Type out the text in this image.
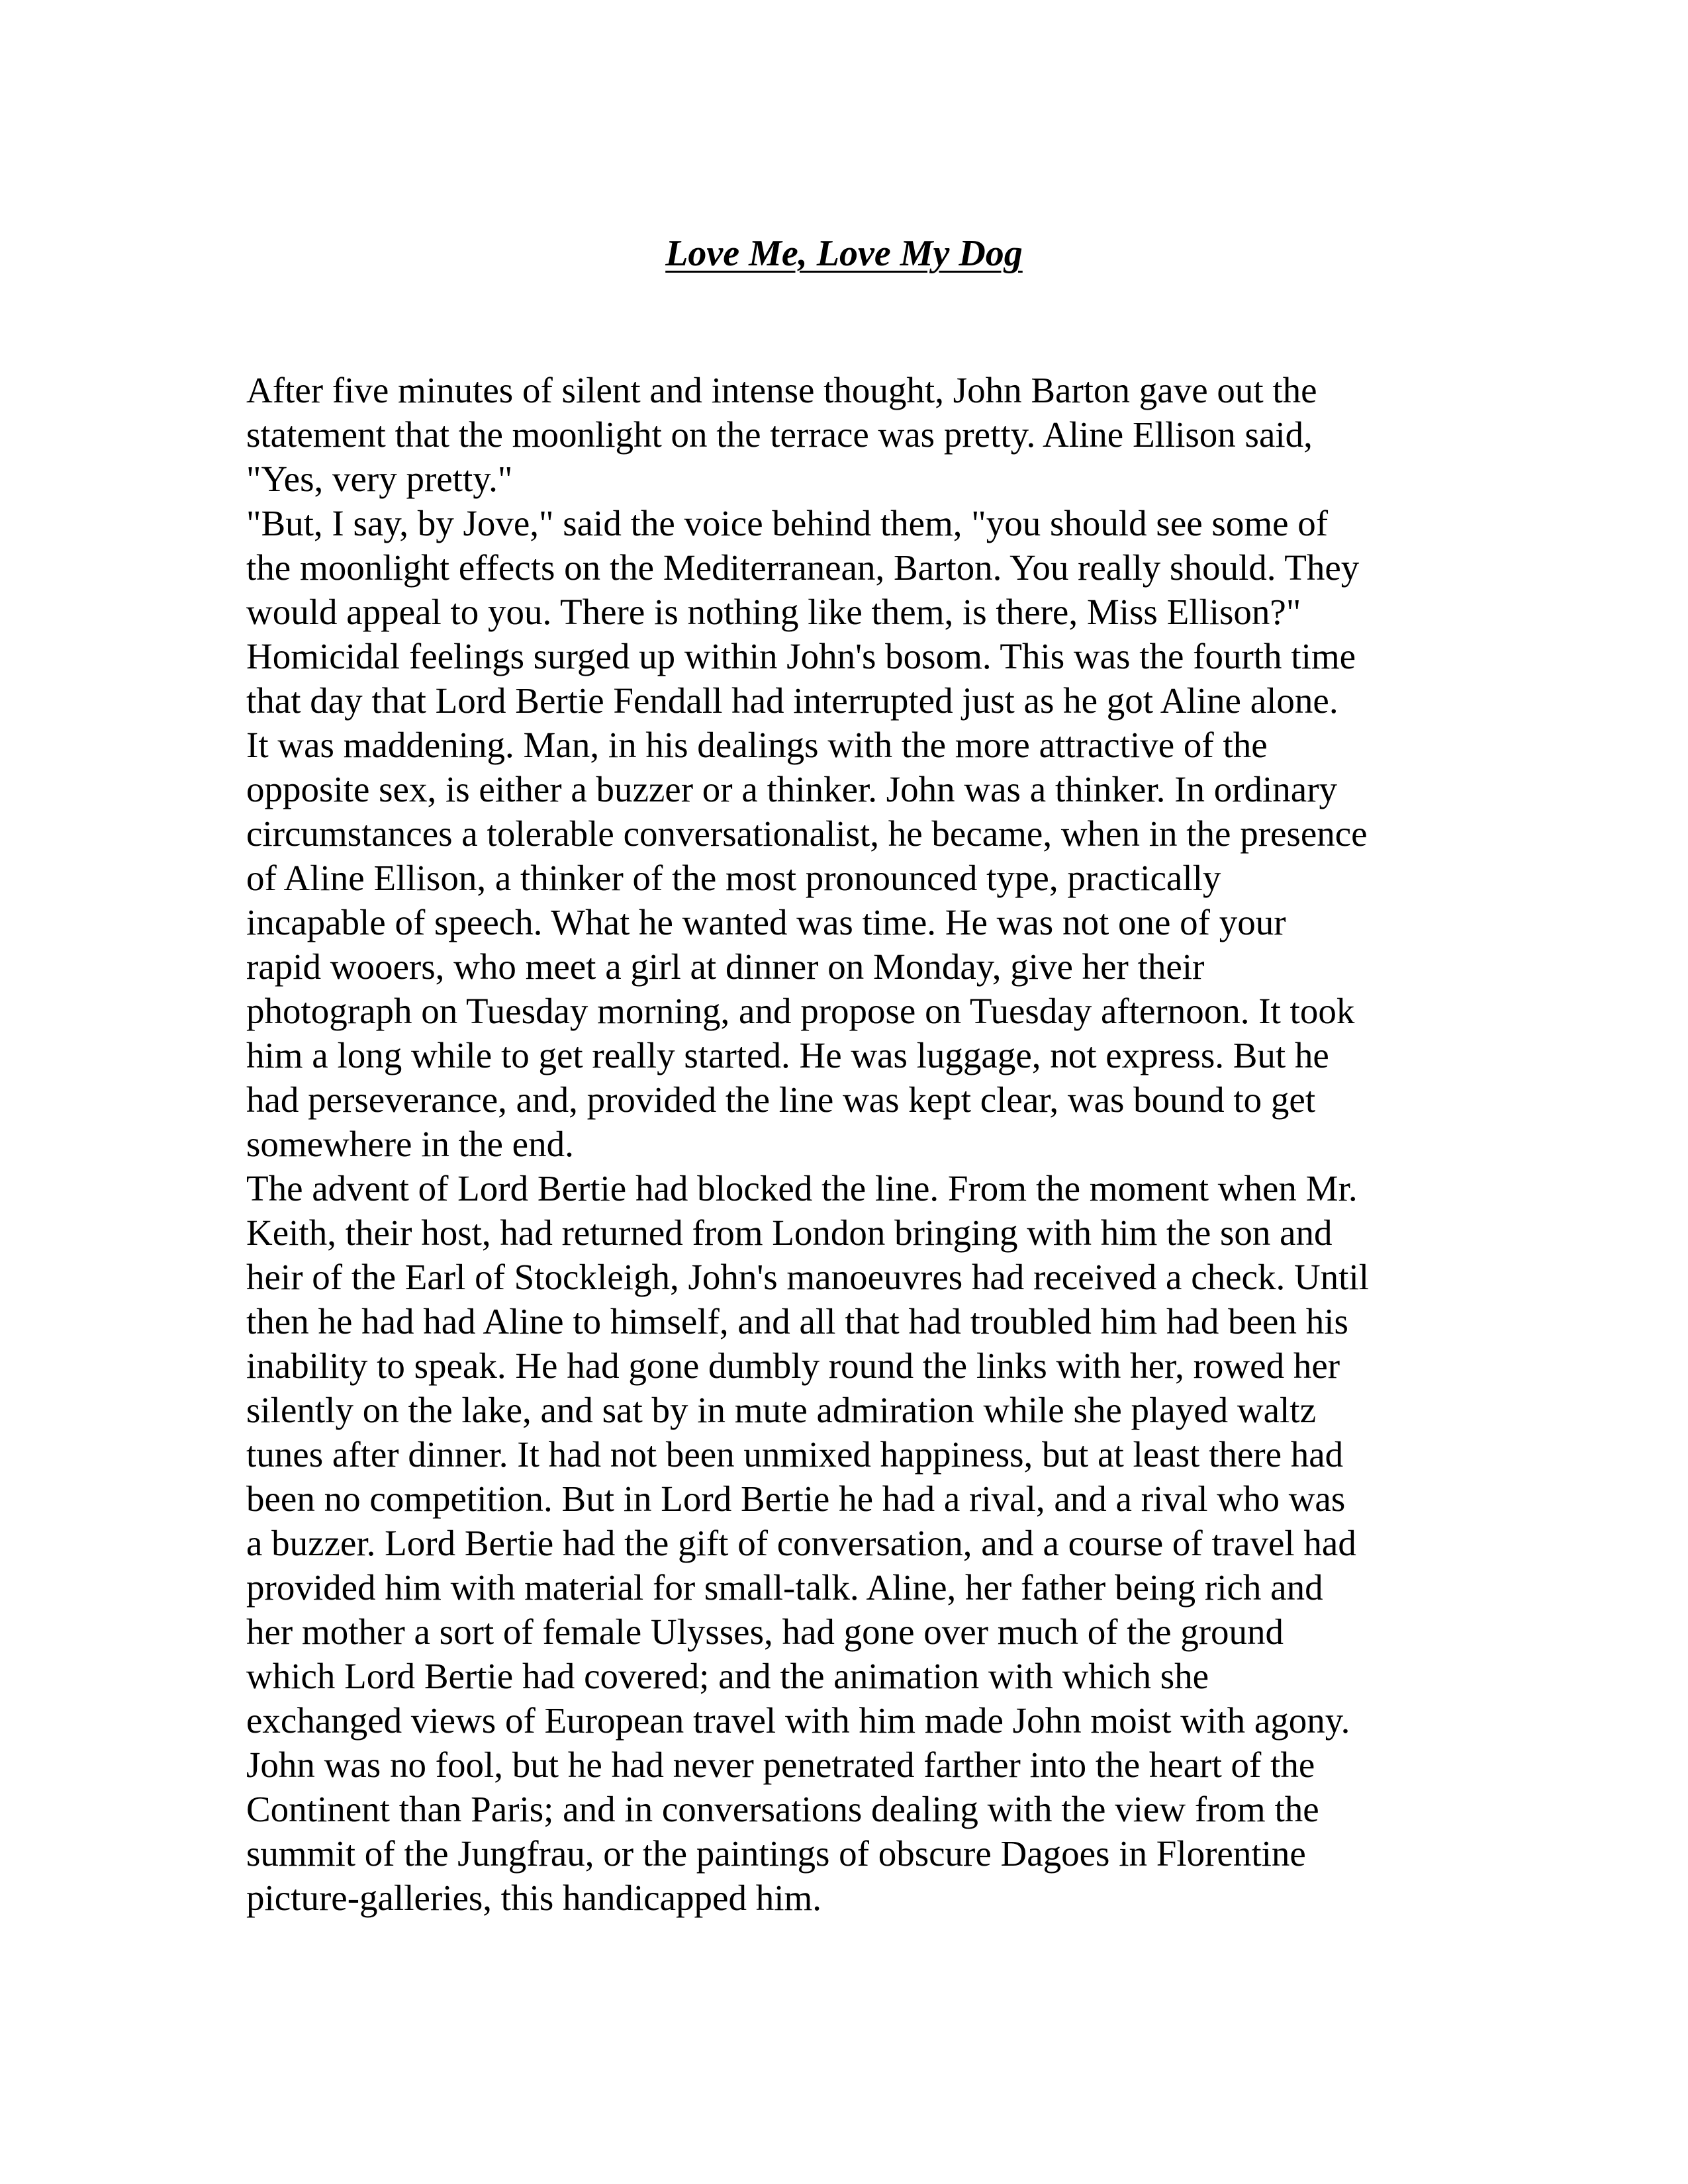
Love Me, Love My Dog
After five minutes of silent and intense thought, John Barton gave out the
statement that the moonlight on the terrace was pretty. Aline Ellison said,
"Yes, very pretty."
"But, I say, by Jove," said the voice behind them, "you should see some of
the moonlight effects on the Mediterranean, Barton. You really should. They
would appeal to you. There is nothing like them, is there, Miss Ellison?"
Homicidal feelings surged up within John's bosom. This was the fourth time
that day that Lord Bertie Fendall had interrupted just as he got Aline alone.
It was maddening. Man, in his dealings with the more attractive of the
opposite sex, is either a buzzer or a thinker. John was a thinker. In ordinary
circumstances a tolerable conversationalist, he became, when in the presence
of Aline Ellison, a thinker of the most pronounced type, practically
incapable of speech. What he wanted was time. He was not one of your
rapid wooers, who meet a girl at dinner on Monday, give her their
photograph on Tuesday morning, and propose on Tuesday afternoon. It took
him a long while to get really started. He was luggage, not express. But he
had perseverance, and, provided the line was kept clear, was bound to get
somewhere in the end.
The advent of Lord Bertie had blocked the line. From the moment when Mr.
Keith, their host, had returned from London bringing with him the son and
heir of the Earl of Stockleigh, John's manoeuvres had received a check. Until
then he had had Aline to himself, and all that had troubled him had been his
inability to speak. He had gone dumbly round the links with her, rowed her
silently on the lake, and sat by in mute admiration while she played waltz
tunes after dinner. It had not been unmixed happiness, but at least there had
been no competition. But in Lord Bertie he had a rival, and a rival who was
a buzzer. Lord Bertie had the gift of conversation, and a course of travel had
provided him with material for small-talk. Aline, her father being rich and
her mother a sort of female Ulysses, had gone over much of the ground
which Lord Bertie had covered; and the animation with which she
exchanged views of European travel with him made John moist with agony.
John was no fool, but he had never penetrated farther into the heart of the
Continent than Paris; and in conversations dealing with the view from the
summit of the Jungfrau, or the paintings of obscure Dagoes in Florentine
picture-galleries, this handicapped him.
